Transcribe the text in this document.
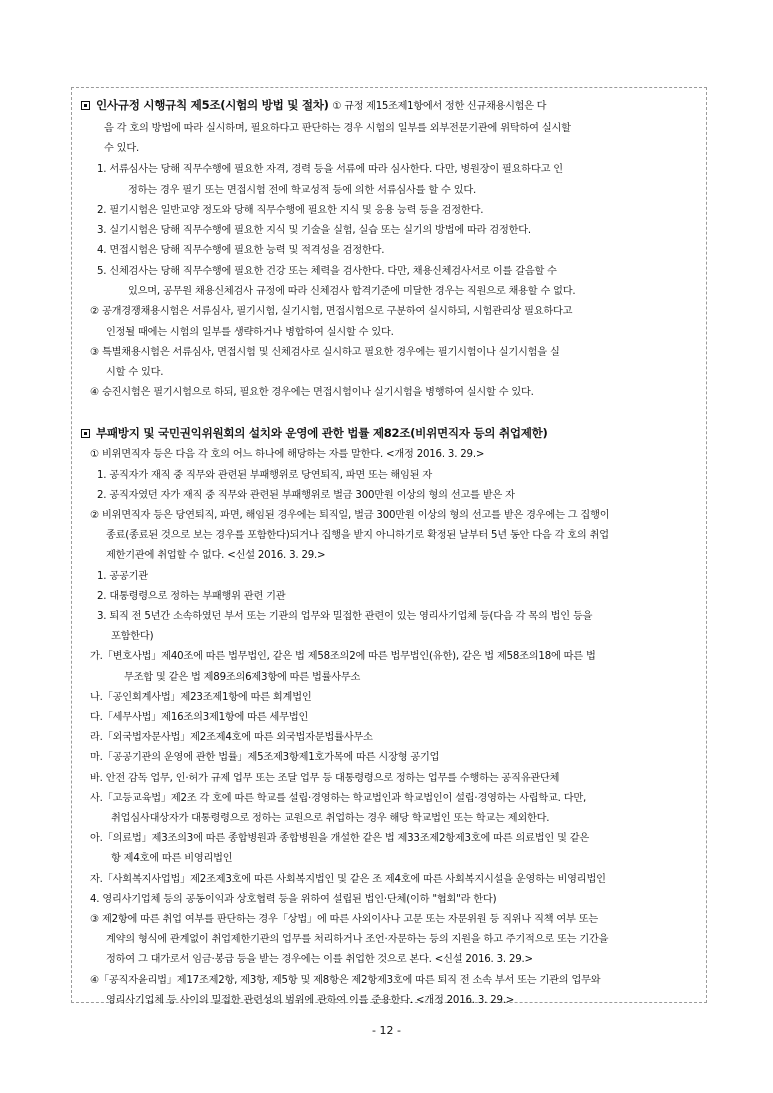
인사규정 시행규칙 제5조(시험의 방법 및 절차) ① 규정 제15조제1항에서 정한 신규채용시험은 다
음 각 호의 방법에 따라 실시하며, 필요하다고 판단하는 경우 시험의 일부를 외부전문기관에 위탁하여 실시할
수 있다.
1. 서류심사는 당해 직무수행에 필요한 자격, 경력 등을 서류에 따라 심사한다. 다만, 병원장이 필요하다고 인
정하는 경우 필기 또는 면접시험 전에 학교성적 등에 의한 서류심사를 할 수 있다.
2. 필기시험은 일반교양 정도와 당해 직무수행에 필요한 지식 및 응용 능력 등을 검정한다.
3. 실기시험은 당해 직무수행에 필요한 지식 및 기술을 실험, 실습 또는 실기의 방법에 따라 검정한다.
4. 면접시험은 당해 직무수행에 필요한 능력 및 적격성을 검정한다.
5. 신체검사는 당해 직무수행에 필요한 건강 또는 체력을 검사한다. 다만, 채용신체검사서로 이를 갈음할 수
있으며, 공무원 채용신체검사 규정에 따라 신체검사 합격기준에 미달한 경우는 직원으로 채용할 수 없다.
② 공개경쟁채용시험은 서류심사, 필기시험, 실기시험, 면접시험으로 구분하여 실시하되, 시험관리상 필요하다고
인정될 때에는 시험의 일부를 생략하거나 병합하여 실시할 수 있다.
③ 특별채용시험은 서류심사, 면접시험 및 신체검사로 실시하고 필요한 경우에는 필기시험이나 실기시험을 실
시할 수 있다.
④ 승진시험은 필기시험으로 하되, 필요한 경우에는 면접시험이나 실기시험을 병행하여 실시할 수 있다.
부패방지 및 국민권익위원회의 설치와 운영에 관한 법률 제82조(비위면직자 등의 취업제한)
① 비위면직자 등은 다음 각 호의 어느 하나에 해당하는 자를 말한다. <개정 2016. 3. 29.>
1. 공직자가 재직 중 직무와 관련된 부패행위로 당연퇴직, 파면 또는 해임된 자
2. 공직자였던 자가 재직 중 직무와 관련된 부패행위로 벌금 300만원 이상의 형의 선고를 받은 자
② 비위면직자 등은 당연퇴직, 파면, 해임된 경우에는 퇴직일, 벌금 300만원 이상의 형의 선고를 받은 경우에는 그 집행이
종료(종료된 것으로 보는 경우를 포함한다)되거나 집행을 받지 아니하기로 확정된 날부터 5년 동안 다음 각 호의 취업
제한기관에 취업할 수 없다. <신설 2016. 3. 29.>
1. 공공기관
2. 대통령령으로 정하는 부패행위 관련 기관
3. 퇴직 전 5년간 소속하였던 부서 또는 기관의 업무와 밀접한 관련이 있는 영리사기업체 등(다음 각 목의 법인 등을
포함한다)
가.「변호사법」제40조에 따른 법무법인, 같은 법 제58조의2에 따른 법무법인(유한), 같은 법 제58조의18에 따른 법
무조합 및 같은 법 제89조의6제3항에 따른 법률사무소
나.「공인회계사법」제23조제1항에 따른 회계법인
다.「세무사법」제16조의3제1항에 따른 세무법인
라.「외국법자문사법」제2조제4호에 따른 외국법자문법률사무소
마.「공공기관의 운영에 관한 법률」제5조제3항제1호가목에 따른 시장형 공기업
바. 안전 감독 업무, 인·허가 규제 업무 또는 조달 업무 등 대통령령으로 정하는 업무를 수행하는 공직유관단체
사.「고등교육법」제2조 각 호에 따른 학교를 설립·경영하는 학교법인과 학교법인이 설립·경영하는 사립학교. 다만,
취업심사대상자가 대통령령으로 정하는 교원으로 취업하는 경우 해당 학교법인 또는 학교는 제외한다.
아.「의료법」제3조의3에 따른 종합병원과 종합병원을 개설한 같은 법 제33조제2항제3호에 따른 의료법인 및 같은
항 제4호에 따른 비영리법인
자.「사회복지사업법」제2조제3호에 따른 사회복지법인 및 같은 조 제4호에 따른 사회복지시설을 운영하는 비영리법인
4. 영리사기업체 등의 공동이익과 상호협력 등을 위하여 설립된 법인·단체(이하 "협회"라 한다)
③ 제2항에 따른 취업 여부를 판단하는 경우「상법」에 따른 사외이사나 고문 또는 자문위원 등 직위나 직책 여부 또는
계약의 형식에 관계없이 취업제한기관의 업무를 처리하거나 조언·자문하는 등의 지원을 하고 주기적으로 또는 기간을
정하여 그 대가로서 임금·봉급 등을 받는 경우에는 이를 취업한 것으로 본다. <신설 2016. 3. 29.>
④「공직자윤리법」제17조제2항, 제3항, 제5항 및 제8항은 제2항제3호에 따른 퇴직 전 소속 부서 또는 기관의 업무와
영리사기업체 등 사이의 밀접한 관련성의 범위에 관하여 이를 준용한다. <개정 2016. 3. 29.>
- 12 -
